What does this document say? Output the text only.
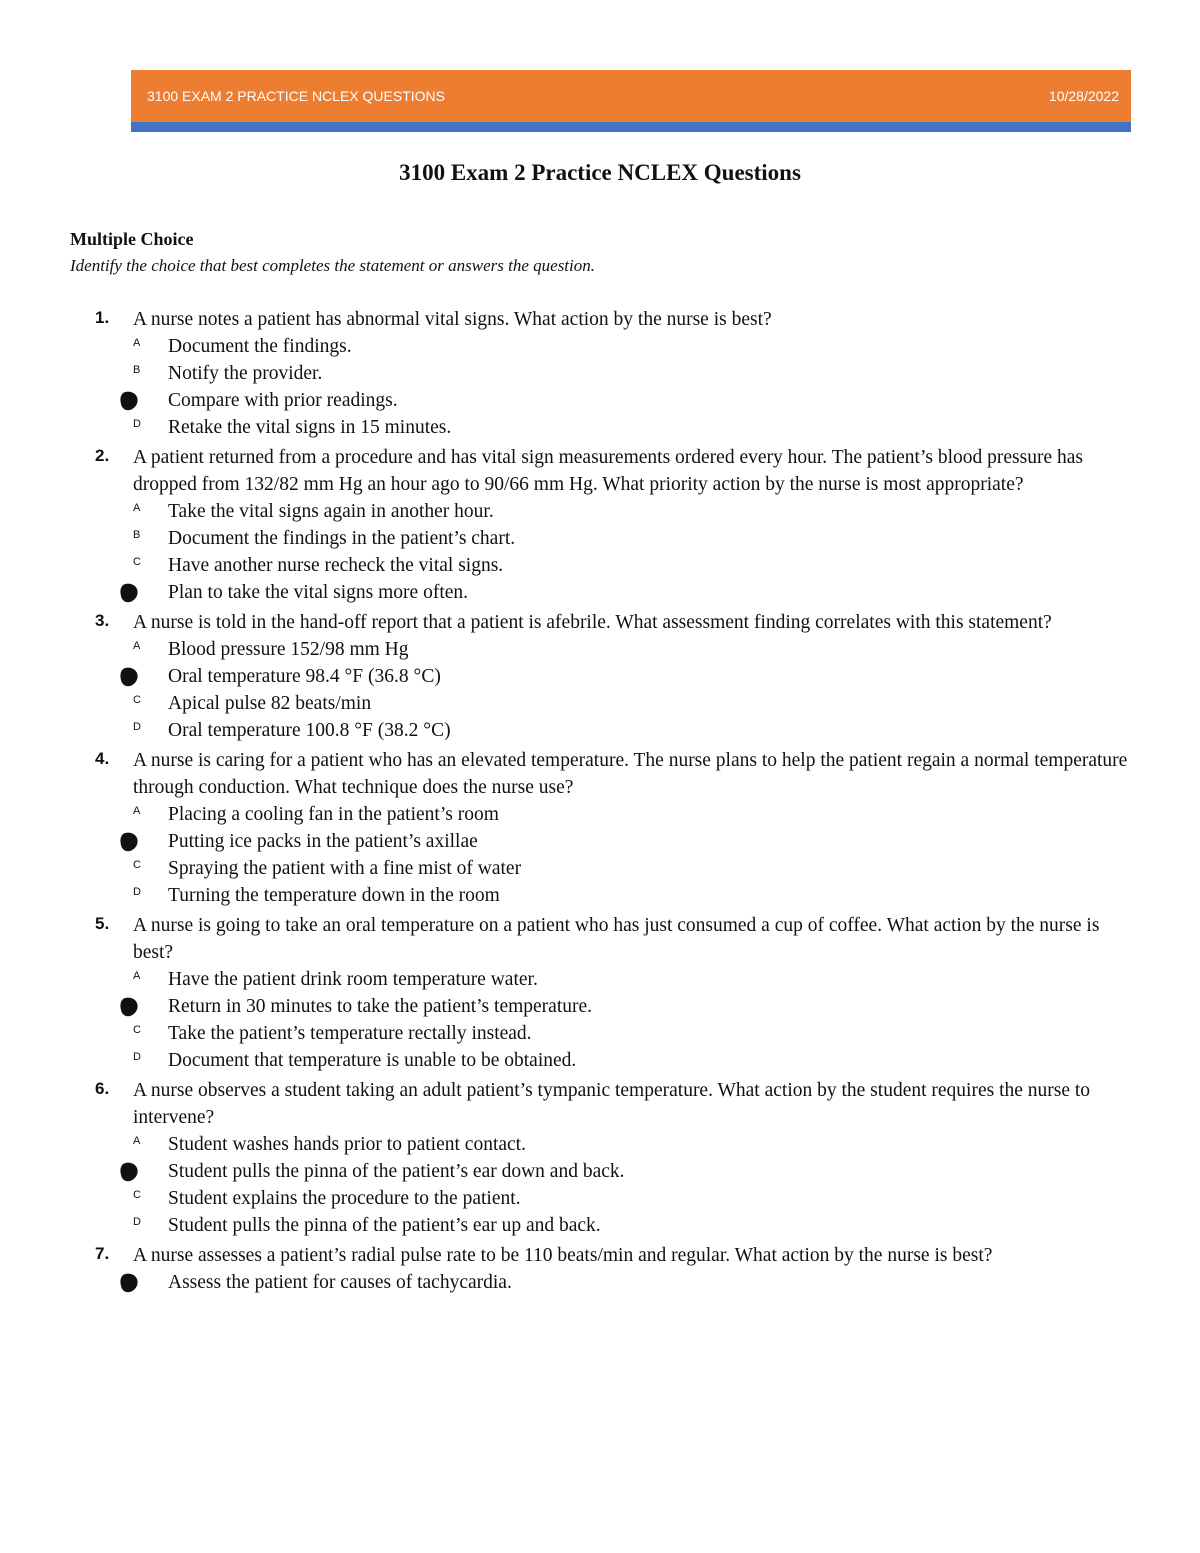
3100 EXAM 2 PRACTICE NCLEX QUESTIONS	10/28/2022
3100 Exam 2 Practice NCLEX Questions
Multiple Choice
Identify the choice that best completes the statement or answers the question.
1. A nurse notes a patient has abnormal vital signs. What action by the nurse is best?
A Document the findings.
B Notify the provider.
Compare with prior readings.
D Retake the vital signs in 15 minutes.
2. A patient returned from a procedure and has vital sign measurements ordered every hour. The patient’s blood pressure has dropped from 132/82 mm Hg an hour ago to 90/66 mm Hg. What priority action by the nurse is most appropriate?
A Take the vital signs again in another hour.
B Document the findings in the patient’s chart.
C Have another nurse recheck the vital signs.
Plan to take the vital signs more often.
3. A nurse is told in the hand-off report that a patient is afebrile. What assessment finding correlates with this statement?
A Blood pressure 152/98 mm Hg
Oral temperature 98.4 °F (36.8 °C)
C Apical pulse 82 beats/min
D Oral temperature 100.8 °F (38.2 °C)
4. A nurse is caring for a patient who has an elevated temperature. The nurse plans to help the patient regain a normal temperature through conduction. What technique does the nurse use?
A Placing a cooling fan in the patient’s room
Putting ice packs in the patient’s axillae
C Spraying the patient with a fine mist of water
D Turning the temperature down in the room
5. A nurse is going to take an oral temperature on a patient who has just consumed a cup of coffee. What action by the nurse is best?
A Have the patient drink room temperature water.
Return in 30 minutes to take the patient’s temperature.
C Take the patient’s temperature rectally instead.
D Document that temperature is unable to be obtained.
6. A nurse observes a student taking an adult patient’s tympanic temperature. What action by the student requires the nurse to intervene?
A Student washes hands prior to patient contact.
Student pulls the pinna of the patient’s ear down and back.
C Student explains the procedure to the patient.
D Student pulls the pinna of the patient’s ear up and back.
7. A nurse assesses a patient’s radial pulse rate to be 110 beats/min and regular. What action by the nurse is best?
Assess the patient for causes of tachycardia.
